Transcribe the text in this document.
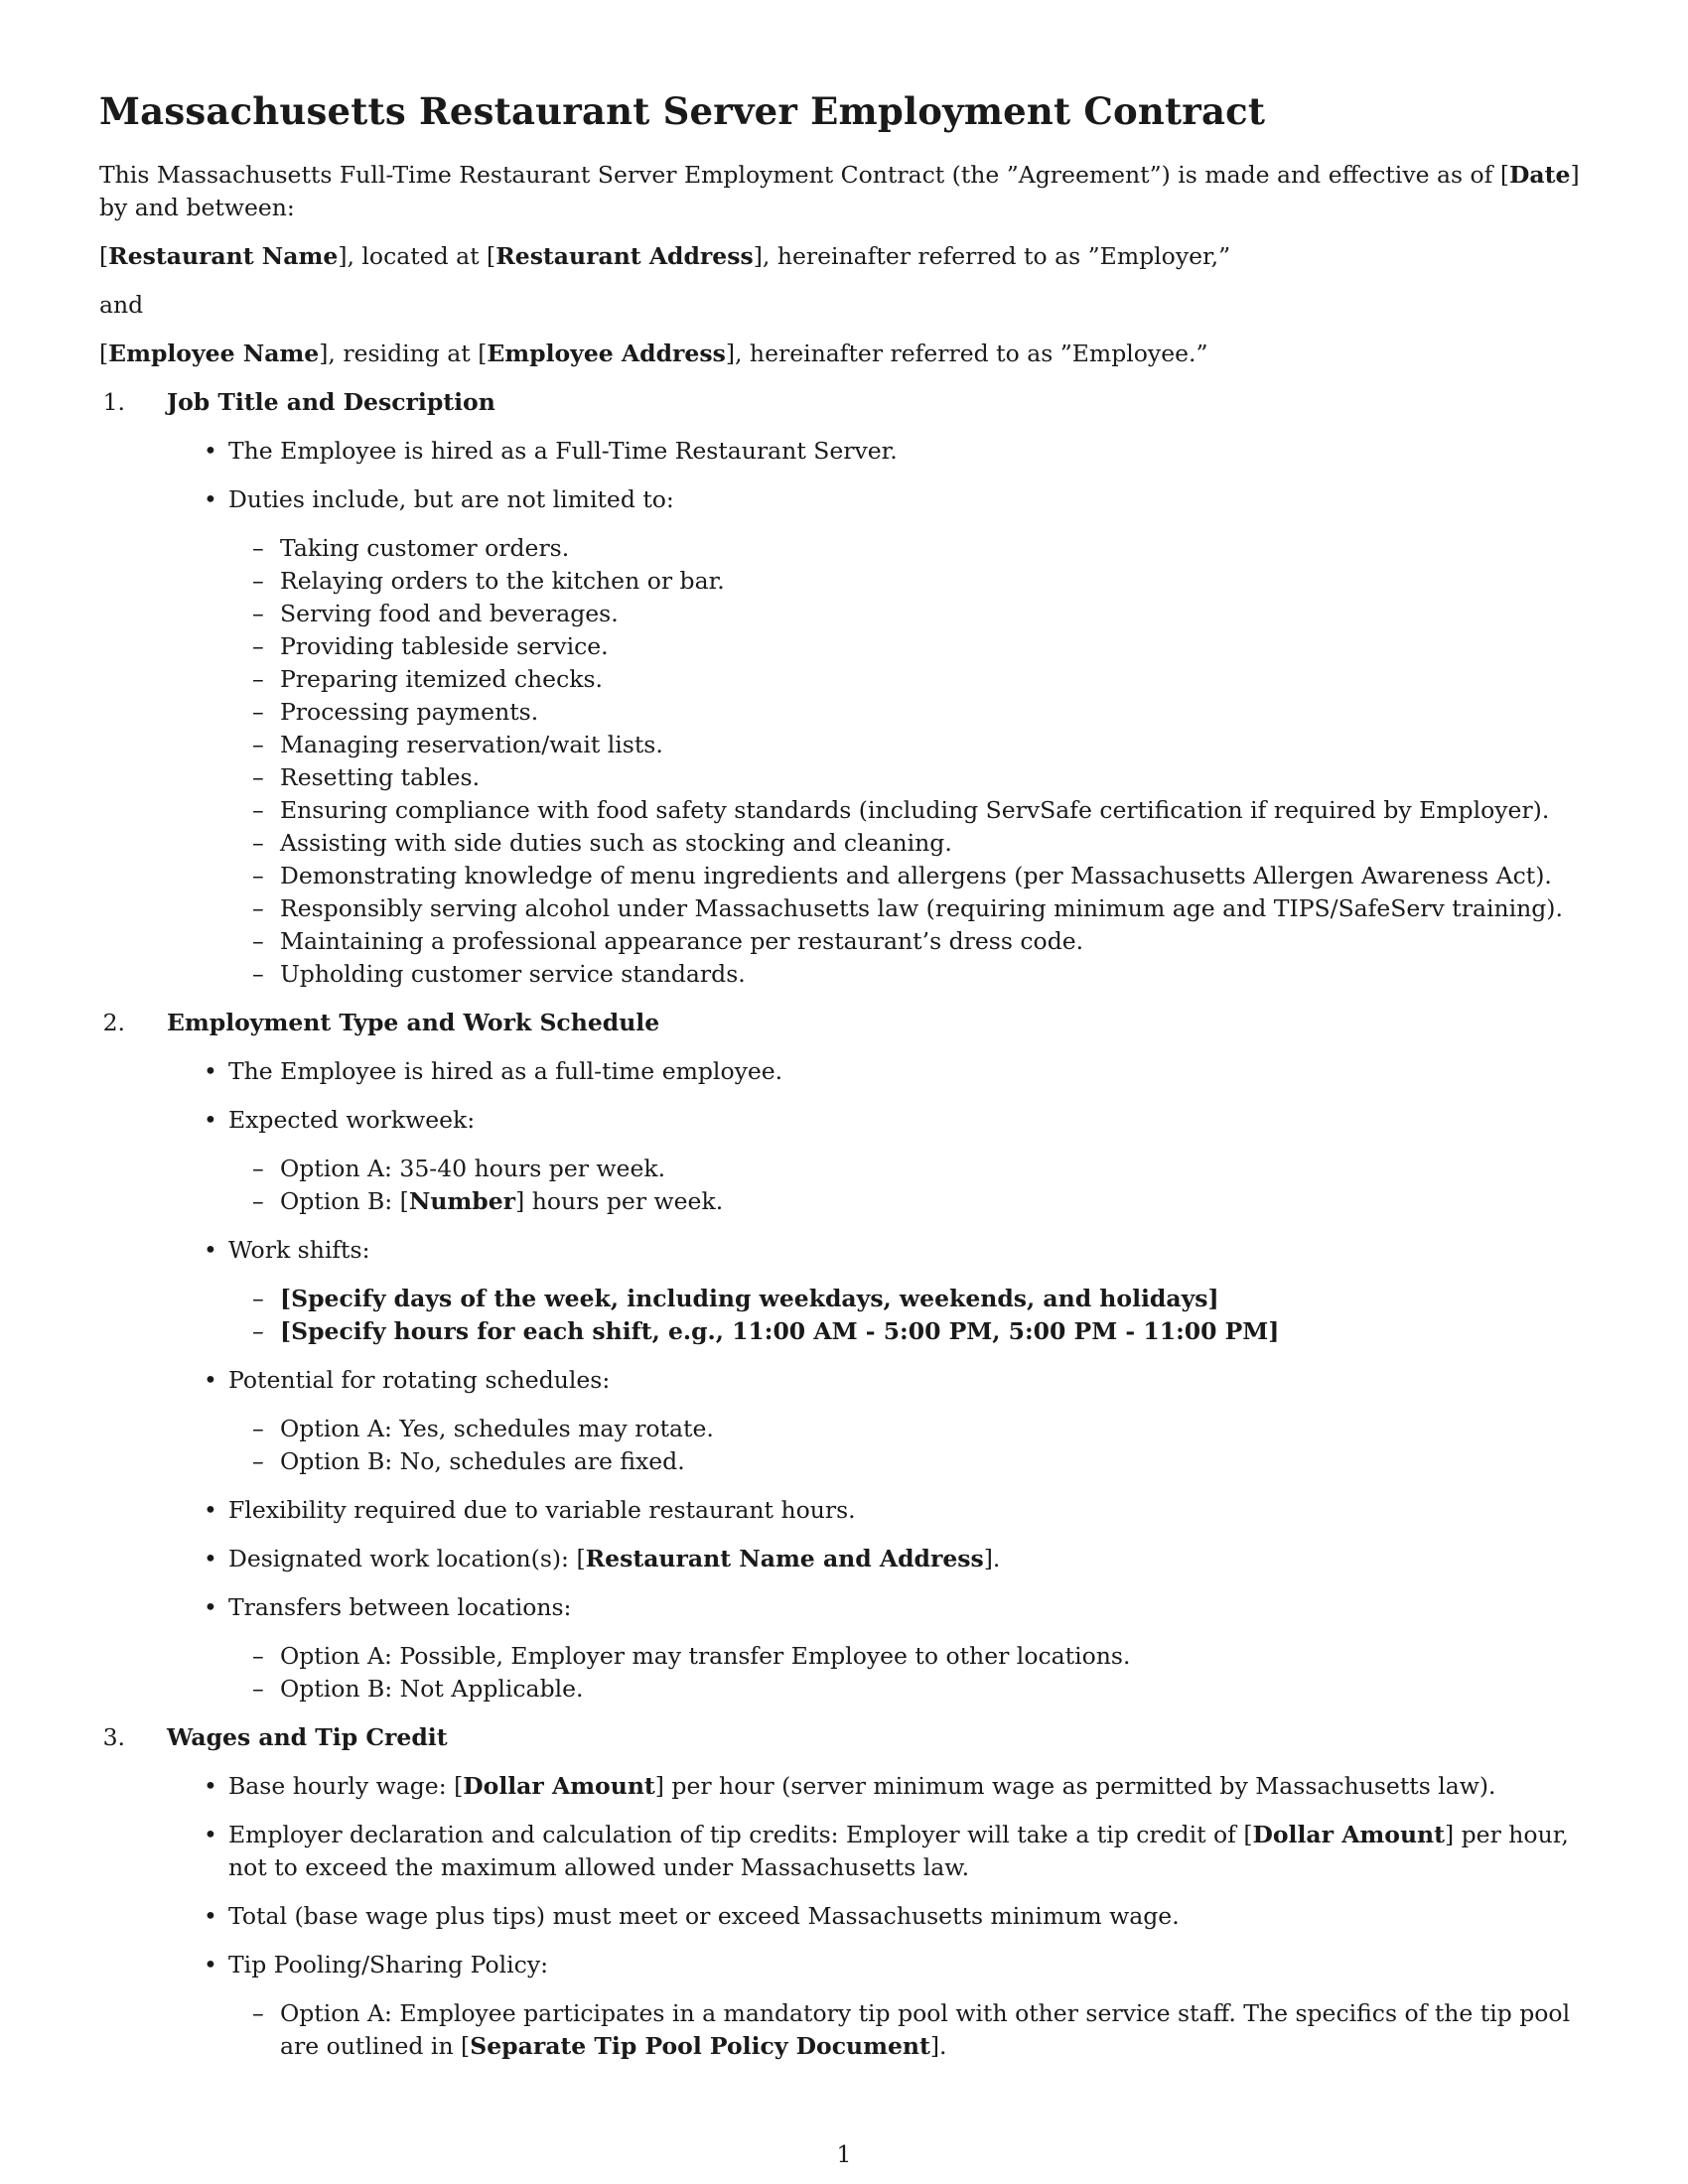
Massachusetts Restaurant Server Employment Contract

This Massachusetts Full-Time Restaurant Server Employment Contract (the ”Agreement”) is made and effective as of [Date] by and between:

[Restaurant Name], located at [Restaurant Address], hereinafter referred to as ”Employer,”

and

[Employee Name], residing at [Employee Address], hereinafter referred to as ”Employee.”

1.	Job Title and Description
• The Employee is hired as a Full-Time Restaurant Server.
• Duties include, but are not limited to:
– Taking customer orders.
– Relaying orders to the kitchen or bar.
– Serving food and beverages.
– Providing tableside service.
– Preparing itemized checks.
– Processing payments.
– Managing reservation/wait lists.
– Resetting tables.
– Ensuring compliance with food safety standards (including ServSafe certification if required by Employer).
– Assisting with side duties such as stocking and cleaning.
– Demonstrating knowledge of menu ingredients and allergens (per Massachusetts Allergen Awareness Act).
– Responsibly serving alcohol under Massachusetts law (requiring minimum age and TIPS/SafeServ training).
– Maintaining a professional appearance per restaurant’s dress code.
– Upholding customer service standards.
2.	Employment Type and Work Schedule
• The Employee is hired as a full-time employee.
• Expected workweek:
– Option A: 35-40 hours per week.
– Option B: [Number] hours per week.
• Work shifts:
– [Specify days of the week, including weekdays, weekends, and holidays]
– [Specify hours for each shift, e.g., 11:00 AM - 5:00 PM, 5:00 PM - 11:00 PM]
• Potential for rotating schedules:
– Option A: Yes, schedules may rotate.
– Option B: No, schedules are fixed.
• Flexibility required due to variable restaurant hours.
• Designated work location(s): [Restaurant Name and Address].
• Transfers between locations:
– Option A: Possible, Employer may transfer Employee to other locations.
– Option B: Not Applicable.
3.	Wages and Tip Credit
• Base hourly wage: [Dollar Amount] per hour (server minimum wage as permitted by Massachusetts law).
• Employer declaration and calculation of tip credits: Employer will take a tip credit of [Dollar Amount] per hour, not to exceed the maximum allowed under Massachusetts law.
• Total (base wage plus tips) must meet or exceed Massachusetts minimum wage.
• Tip Pooling/Sharing Policy:
– Option A: Employee participates in a mandatory tip pool with other service staff. The specifics of the tip pool are outlined in [Separate Tip Pool Policy Document].
1
